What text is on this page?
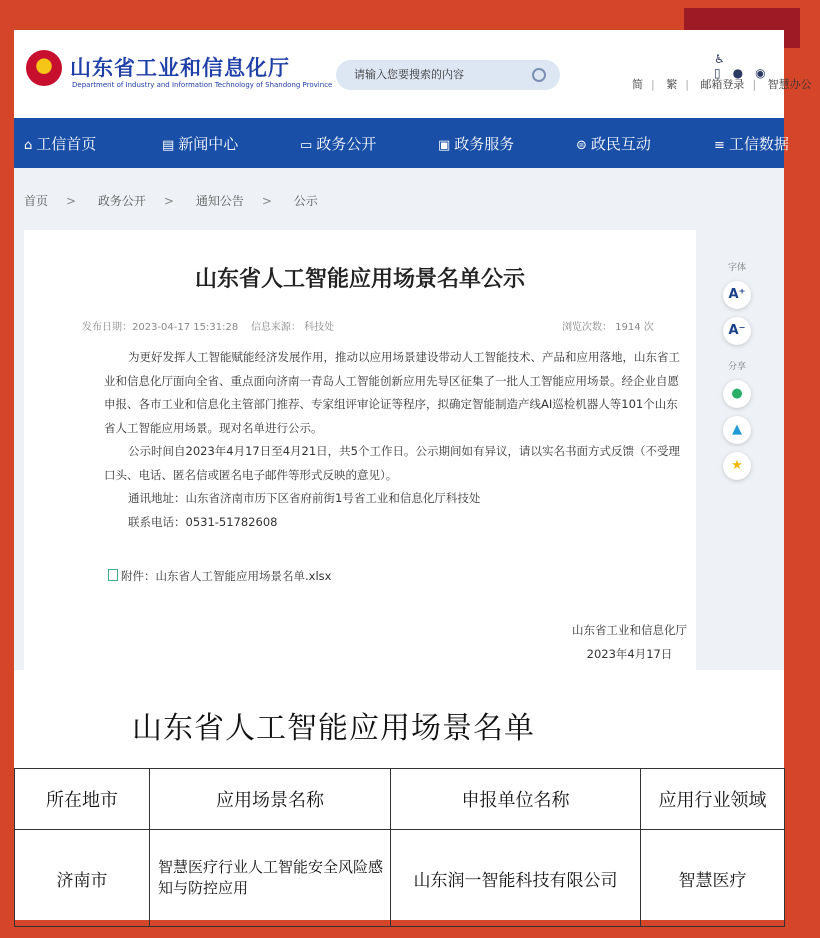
山东省工业和信息化厅
Department of Industry and Information Technology of Shandong Province
请输入您要搜索的内容
♿▯ ● ◉
简 | 繁 | 邮箱登录 | 智慧办公
⌂ 工信首页	▤ 新闻中心	▭ 政务公开	▣ 政务服务	⊜ 政民互动	≡ 工信数据
首页 > 政务公开 > 通知公告 > 公示
山东省人工智能应用场景名单公示
发布日期：2023-04-17 15:31:28 信息来源： 科技处	浏览次数： 1914 次

为更好发挥人工智能赋能经济发展作用，推动以应用场景建设带动人工智能技术、产品和应用落地，山东省工业和信息化厅面向全省、重点面向济南一青岛人工智能创新应用先导区征集了一批人工智能应用场景。经企业自愿申报、各市工业和信息化主管部门推荐、专家组评审论证等程序，拟确定智能制造产线AI巡检机器人等101个山东省人工智能应用场景。现对名单进行公示。

公示时间自2023年4月17日至4月21日，共5个工作日。公示期间如有异议，请以实名书面方式反馈（不受理口头、电话、匿名信或匿名电子邮件等形式反映的意见）。

通讯地址：山东省济南市历下区省府前街1号省工业和信息化厅科技处

联系电话：0531-51782608

附件：山东省人工智能应用场景名单.xlsx
山东省工业和信息化厅
2023年4月17日
字体
A⁺
A⁻
分享
●
▲
★
山东省人工智能应用场景名单
所在地市	应用场景名称	申报单位名称	应用行业领域
济南市	智慧医疗行业人工智能安全风险感知与防控应用	山东润一智能科技有限公司	智慧医疗
